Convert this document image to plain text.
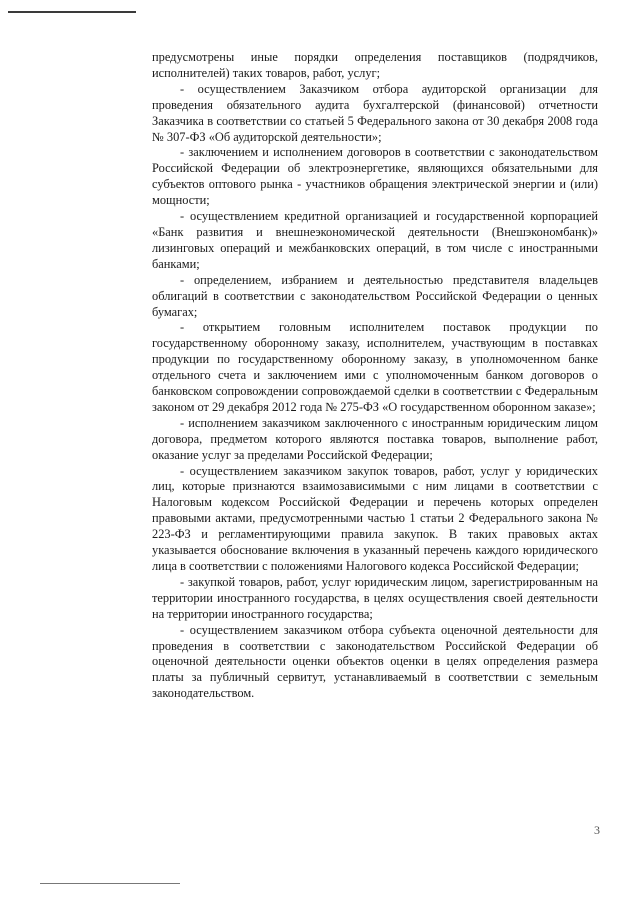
предусмотрены иные порядки определения поставщиков (подрядчиков, исполнителей) таких товаров, работ, услуг;

- осуществлением Заказчиком отбора аудиторской организации для проведения обязательного аудита бухгалтерской (финансовой) отчетности Заказчика в соответствии со статьей 5 Федерального закона от 30 декабря 2008 года № 307-ФЗ «Об аудиторской деятельности»;

- заключением и исполнением договоров в соответствии с законодательством Российской Федерации об электроэнергетике, являющихся обязательными для субъектов оптового рынка - участников обращения электрической энергии и (или) мощности;

- осуществлением кредитной организацией и государственной корпорацией «Банк развития и внешнеэкономической деятельности (Внешэкономбанк)» лизинговых операций и межбанковских операций, в том числе с иностранными банками;

- определением, избранием и деятельностью представителя владельцев облигаций в соответствии с законодательством Российской Федерации о ценных бумагах;

- открытием головным исполнителем поставок продукции по государственному оборонному заказу, исполнителем, участвующим в поставках продукции по государственному оборонному заказу, в уполномоченном банке отдельного счета и заключением ими с уполномоченным банком договоров о банковском сопровождении сопровождаемой сделки в соответствии с Федеральным законом от 29 декабря 2012 года № 275-ФЗ «О государственном оборонном заказе»;

- исполнением заказчиком заключенного с иностранным юридическим лицом договора, предметом которого являются поставка товаров, выполнение работ, оказание услуг за пределами Российской Федерации;

- осуществлением заказчиком закупок товаров, работ, услуг у юридических лиц, которые признаются взаимозависимыми с ним лицами в соответствии с Налоговым кодексом Российской Федерации и перечень которых определен правовыми актами, предусмотренными частью 1 статьи 2 Федерального закона № 223-ФЗ и регламентирующими правила закупок. В таких правовых актах указывается обоснование включения в указанный перечень каждого юридического лица в соответствии с положениями Налогового кодекса Российской Федерации;

- закупкой товаров, работ, услуг юридическим лицом, зарегистрированным на территории иностранного государства, в целях осуществления своей деятельности на территории иностранного государства;

- осуществлением заказчиком отбора субъекта оценочной деятельности для проведения в соответствии с законодательством Российской Федерации об оценочной деятельности оценки объектов оценки в целях определения размера платы за публичный сервитут, устанавливаемый в соответствии с земельным законодательством.

3
